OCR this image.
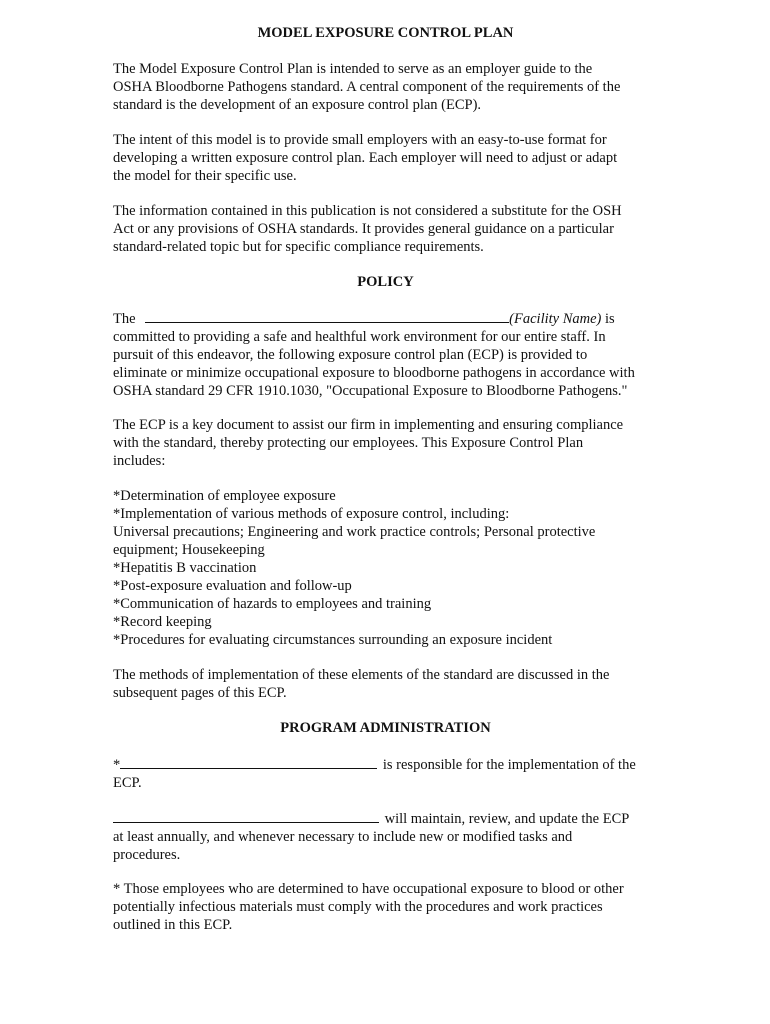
MODEL EXPOSURE CONTROL PLAN
The Model Exposure Control Plan is intended to serve as an employer guide to the
OSHA Bloodborne Pathogens standard. A central component of the requirements of the
standard is the development of an exposure control plan (ECP).
The intent of this model is to provide small employers with an easy-to-use format for
developing a written exposure control plan. Each employer will need to adjust or adapt
the model for their specific use.
The information contained in this publication is not considered a substitute for the OSH
Act or any provisions of OSHA standards. It provides general guidance on a particular
standard-related topic but for specific compliance requirements.
POLICY
The	(Facility Name) is
committed to providing a safe and healthful work environment for our entire staff. In
pursuit of this endeavor, the following exposure control plan (ECP) is provided to
eliminate or minimize occupational exposure to bloodborne pathogens in accordance with
OSHA standard 29 CFR 1910.1030, "Occupational Exposure to Bloodborne Pathogens."
The ECP is a key document to assist our firm in implementing and ensuring compliance
with the standard, thereby protecting our employees. This Exposure Control Plan
includes:
*Determination of employee exposure
*Implementation of various methods of exposure control, including:
Universal precautions; Engineering and work practice controls; Personal protective
equipment; Housekeeping
*Hepatitis B vaccination
*Post-exposure evaluation and follow-up
*Communication of hazards to employees and training
*Record keeping
*Procedures for evaluating circumstances surrounding an exposure incident
The methods of implementation of these elements of the standard are discussed in the
subsequent pages of this ECP.
PROGRAM ADMINISTRATION
*	is responsible for the implementation of the
ECP.
will maintain, review, and update the ECP
at least annually, and whenever necessary to include new or modified tasks and
procedures.
* Those employees who are determined to have occupational exposure to blood or other
potentially infectious materials must comply with the procedures and work practices
outlined in this ECP.
